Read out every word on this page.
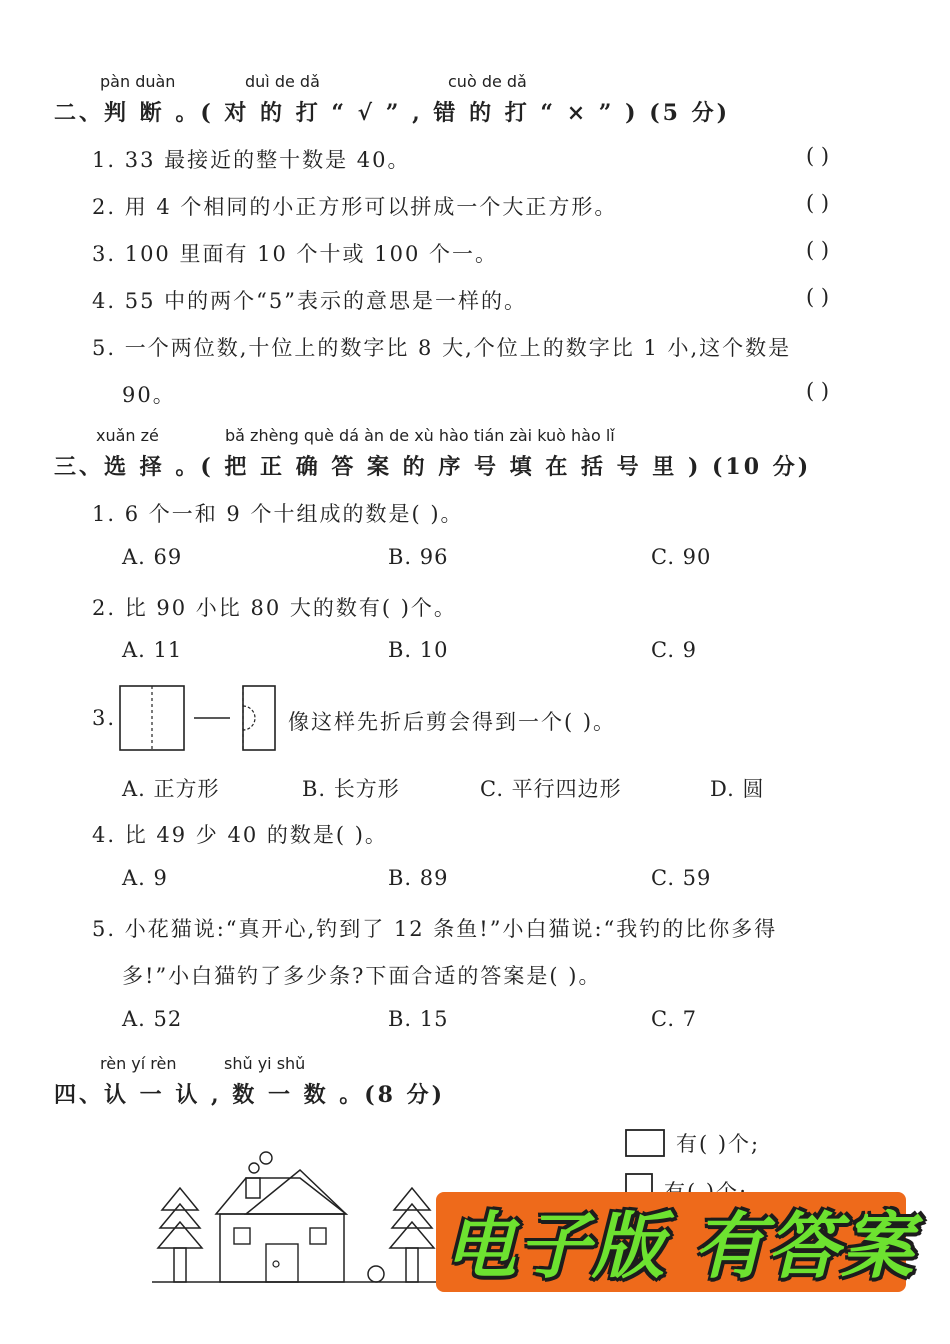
pàn duàn	duì de dǎ	cuò de dǎ
二、判 断 。( 对 的 打 “ √ ” , 错 的 打 “ × ” ) (5 分)
1. 33 最接近的整十数是 40。	( )
2. 用 4 个相同的小正方形可以拼成一个大正方形。	( )
3. 100 里面有 10 个十或 100 个一。	( )
4. 55 中的两个“5”表示的意思是一样的。	( )
5. 一个两位数,十位上的数字比 8 大,个位上的数字比 1 小,这个数是
90。	( )
xuǎn zé	bǎ zhèng què dá àn de xù hào tián zài kuò hào lǐ
三、选 择 。( 把 正 确 答 案 的 序 号 填 在 括 号 里 ) (10 分)
1. 6 个一和 9 个十组成的数是( )。
A. 69	B. 96	C. 90
2. 比 90 小比 80 大的数有( )个。
A. 11	B. 10	C. 9
3.	像这样先折后剪会得到一个( )。
A. 正方形	B. 长方形	C. 平行四边形	D. 圆
4. 比 49 少 40 的数是( )。
A. 9	B. 89	C. 59
5. 小花猫说:“真开心,钓到了 12 条鱼!”小白猫说:“我钓的比你多得
多!”小白猫钓了多少条?下面合适的答案是( )。
A. 52	B. 15	C. 7
rèn yí rèn	shǔ yi shǔ
四、认 一 认 , 数 一 数 。(8 分)
有( )个;
电子版 有答案
